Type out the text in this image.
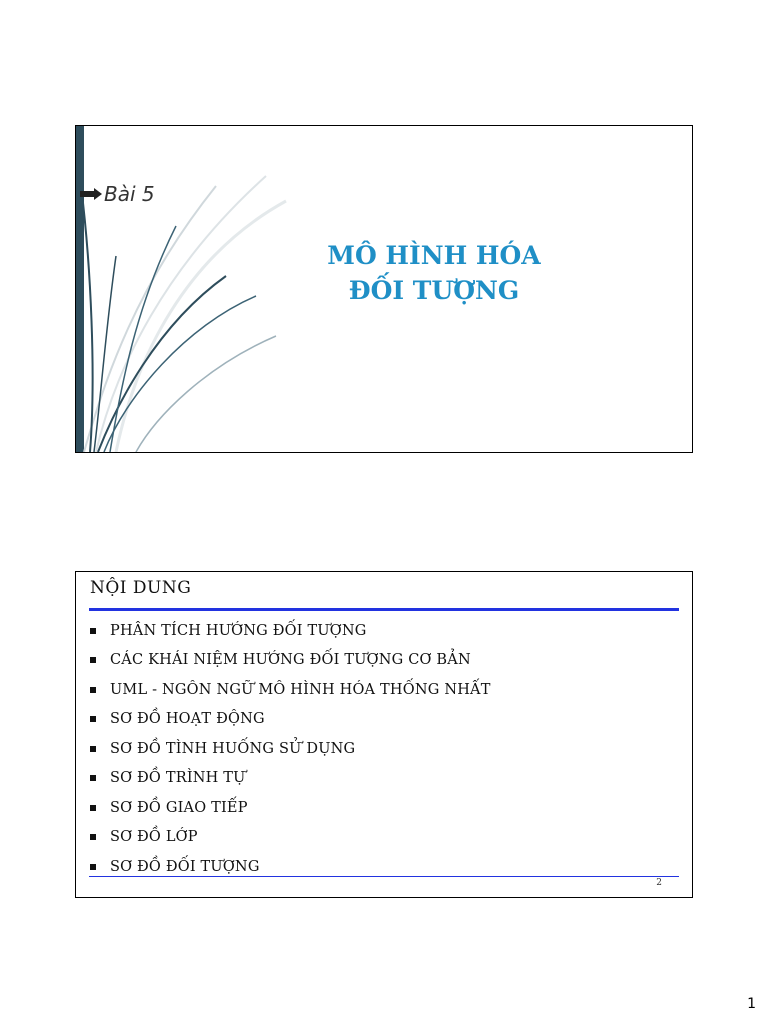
Bài 5
MÔ HÌNH HÓA
ĐỐI TƯỢNG
NỘI DUNG
PHÂN TÍCH HƯỚNG ĐỐI TƯỢNG
CÁC KHÁI NIỆM HƯỚNG ĐỐI TƯỢNG CƠ BẢN
UML - NGÔN NGỮ MÔ HÌNH HÓA THỐNG NHẤT
SƠ ĐỒ HOẠT ĐỘNG
SƠ ĐỒ TÌNH HUỐNG SỬ DỤNG
SƠ ĐỒ TRÌNH TỰ
SƠ ĐỒ GIAO TIẾP
SƠ ĐỒ LỚP
SƠ ĐỒ ĐỐI TƯỢNG
2
1
